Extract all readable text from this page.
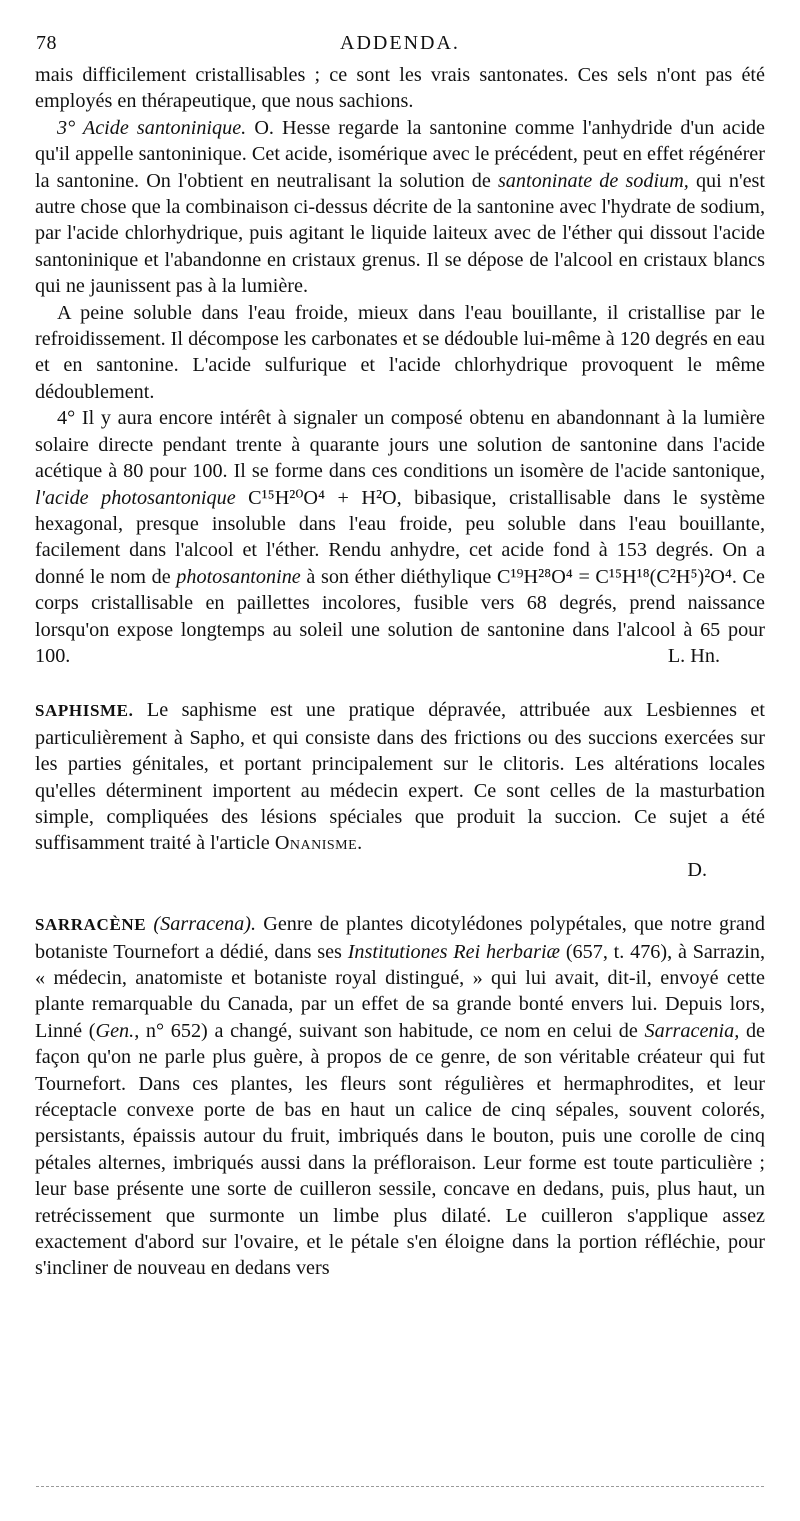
78	ADDENDA.

mais difficilement cristallisables ; ce sont les vrais santonates. Ces sels n'ont pas été employés en thérapeutique, que nous sachions.

3° Acide santoninique. O. Hesse regarde la santonine comme l'anhydride d'un acide qu'il appelle santoninique. Cet acide, isomérique avec le précédent, peut en effet régénérer la santonine. On l'obtient en neutralisant la solution de santoninate de sodium, qui n'est autre chose que la combinaison ci-dessus décrite de la santonine avec l'hydrate de sodium, par l'acide chlorhydrique, puis agitant le liquide laiteux avec de l'éther qui dissout l'acide santoninique et l'abandonne en cristaux grenus. Il se dépose de l'alcool en cristaux blancs qui ne jaunissent pas à la lumière.

A peine soluble dans l'eau froide, mieux dans l'eau bouillante, il cristallise par le refroidissement. Il décompose les carbonates et se dédouble lui-même à 120 degrés en eau et en santonine. L'acide sulfurique et l'acide chlorhydrique provoquent le même dédoublement.

4° Il y aura encore intérêt à signaler un composé obtenu en abandonnant à la lumière solaire directe pendant trente à quarante jours une solution de santonine dans l'acide acétique à 80 pour 100. Il se forme dans ces conditions un isomère de l'acide santonique, l'acide photosantonique C¹⁵H²⁰O⁴ + H²O, bibasique, cristallisable dans le système hexagonal, presque insoluble dans l'eau froide, peu soluble dans l'eau bouillante, facilement dans l'alcool et l'éther. Rendu anhydre, cet acide fond à 153 degrés. On a donné le nom de photosantonine à son éther diéthylique C¹⁹H²⁸O⁴ = C¹⁵H¹⁸(C²H⁵)²O⁴. Ce corps cristallisable en paillettes incolores, fusible vers 68 degrés, prend naissance lorsqu'on expose longtemps au soleil une solution de santonine dans l'alcool à 65 pour 100.	L. Hn.

SAPHISME. Le saphisme est une pratique dépravée, attribuée aux Lesbiennes et particulièrement à Sapho, et qui consiste dans des frictions ou des succions exercées sur les parties génitales, et portant principalement sur le clitoris. Les altérations locales qu'elles déterminent importent au médecin expert. Ce sont celles de la masturbation simple, compliquées des lésions spéciales que produit la succion. Ce sujet a été suffisamment traité à l'article Onanisme.

D.

SARRACÈNE (Sarracena). Genre de plantes dicotylédones polypétales, que notre grand botaniste Tournefort a dédié, dans ses Institutiones Rei herbariæ (657, t. 476), à Sarrazin, « médecin, anatomiste et botaniste royal distingué, » qui lui avait, dit-il, envoyé cette plante remarquable du Canada, par un effet de sa grande bonté envers lui. Depuis lors, Linné (Gen., n° 652) a changé, suivant son habitude, ce nom en celui de Sarracenia, de façon qu'on ne parle plus guère, à propos de ce genre, de son véritable créateur qui fut Tournefort. Dans ces plantes, les fleurs sont régulières et hermaphrodites, et leur réceptacle convexe porte de bas en haut un calice de cinq sépales, souvent colorés, persistants, épaissis autour du fruit, imbriqués dans le bouton, puis une corolle de cinq pétales alternes, imbriqués aussi dans la préfloraison. Leur forme est toute particulière ; leur base présente une sorte de cuilleron sessile, concave en dedans, puis, plus haut, un retrécissement que surmonte un limbe plus dilaté. Le cuilleron s'applique assez exactement d'abord sur l'ovaire, et le pétale s'en éloigne dans la portion réfléchie, pour s'incliner de nouveau en dedans vers
